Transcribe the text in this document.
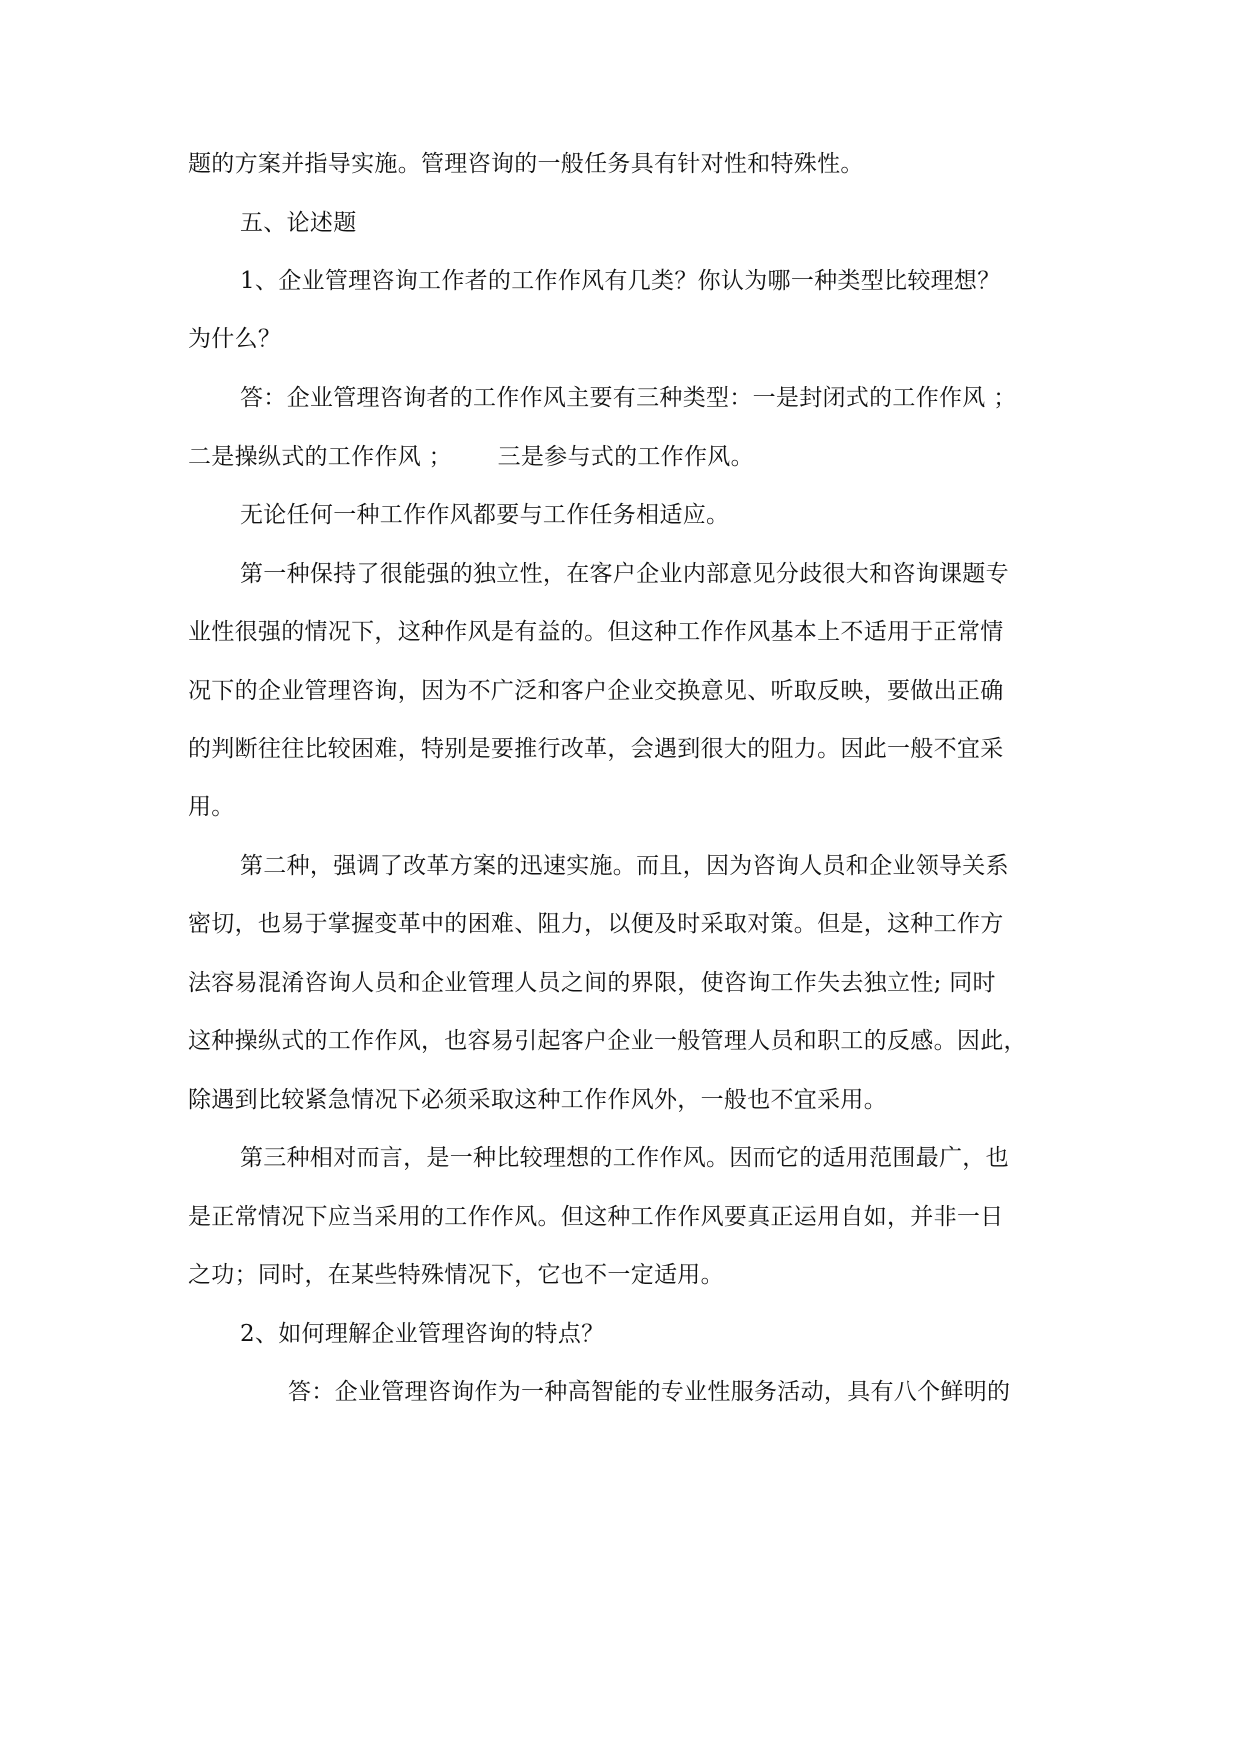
题的方案并指导实施。管理咨询的一般任务具有针对性和特殊性。
五、论述题
1、企业管理咨询工作者的工作作风有几类？你认为哪一种类型比较理想？
为什么？
答：企业管理咨询者的工作作风主要有三种类型：一是封闭式的工作作风 ；
二是操纵式的工作作风 ；      三是参与式的工作作风。
无论任何一种工作作风都要与工作任务相适应。
第一种保持了很能强的独立性，在客户企业内部意见分歧很大和咨询课题专
业性很强的情况下，这种作风是有益的。但这种工作作风基本上不适用于正常情
况下的企业管理咨询，因为不广泛和客户企业交换意见、听取反映，要做出正确
的判断往往比较困难，特别是要推行改革，会遇到很大的阻力。因此一般不宜采
用。
第二种，强调了改革方案的迅速实施。而且，因为咨询人员和企业领导关系
密切，也易于掌握变革中的困难、阻力，以便及时采取对策。但是，这种工作方
法容易混淆咨询人员和企业管理人员之间的界限，使咨询工作失去独立性; 同时
这种操纵式的工作作风，也容易引起客户企业一般管理人员和职工的反感。因此，
除遇到比较紧急情况下必须采取这种工作作风外，一般也不宜采用。
第三种相对而言，是一种比较理想的工作作风。因而它的适用范围最广，也
是正常情况下应当采用的工作作风。但这种工作作风要真正运用自如，并非一日
之功；同时，在某些特殊情况下，它也不一定适用。
2、如何理解企业管理咨询的特点？
答：企业管理咨询作为一种高智能的专业性服务活动，具有八个鲜明的
